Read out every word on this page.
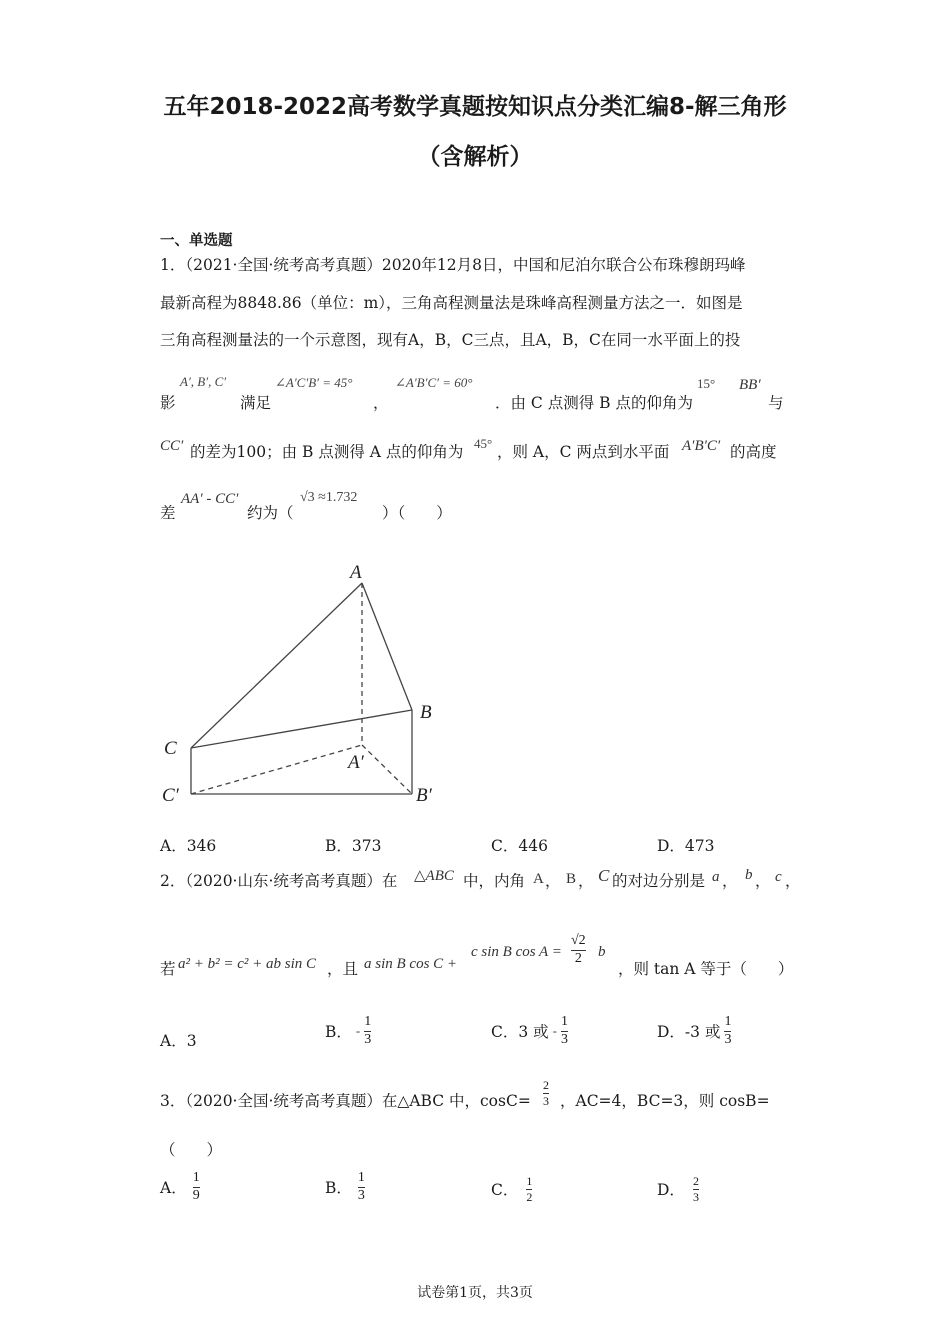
五年2018-2022高考数学真题按知识点分类汇编8-解三角形
（含解析）
一、单选题
1．（2021·全国·统考高考真题）2020年12月8日，中国和尼泊尔联合公布珠穆朗玛峰
最新高程为8848.86（单位：m），三角高程测量法是珠峰高程测量方法之一．如图是
三角高程测量法的一个示意图，现有A，B，C三点，且A，B，C在同一水平面上的投
影
A′, B′, C′
满足
∠A′C′B′ = 45°
，
∠A′B′C′ = 60°
．由 C 点测得 B 点的仰角为
15° BB′
与
CC′ 的差为100；由 B 点测得 A 点的仰角为 45° ，则 A，C 两点到水平面 A′B′C′ 的高度
差
AA′ - CC′
约为（
√3 ≈1.732
）（　　）
A
B
C
A′
B′
C′
A．346	B．373	C．446	D．473
2．（2020·山东·统考高考真题）在 △ABC 中，内角 A ， B ， C 的对边分别是 a ， b ， c ，
若 a² + b² = c² + ab sin C ，且 a sin B cos C +
c sin B $\cos A = \frac{√2}{2}$ b
，则 tan A 等于（　　）
A．3	B． - $\frac{1}{3}$	C．3 或 - $\frac{1}{3}$	D．-3 或 $\frac{1}{3}$
3．（2020·全国·统考高考真题）在△ABC 中，$\cos C= \frac{2}{3}$ ，AC=4，BC=3，则 cosB=
（　　）
A． $\frac{1}{9}$	B． $\frac{1}{3}$	C． $\frac{1}{2}$	D． $\frac{2}{3}$
试卷第1页，共3页
